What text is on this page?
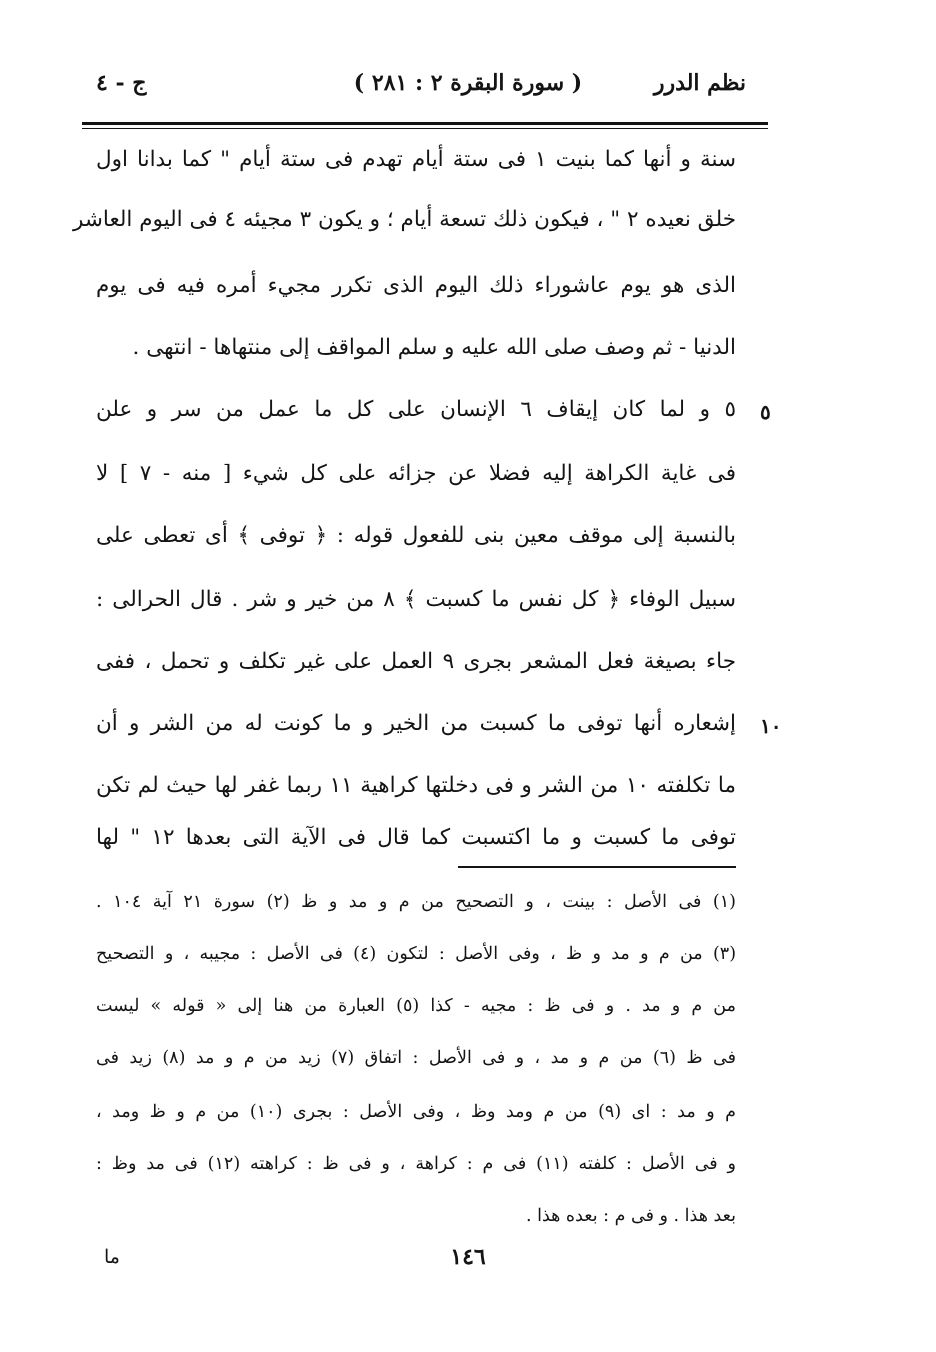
نظم الدرر
( سورة البقرة ٢ : ٢٨١ )
ج - ٤
سنة و أنها كما بنيت ١ فى ستة أيام تهدم فى ستة أيام " كما بدانا اول
خلق نعيده ٢ " ، فيكون ذلك تسعة أيام ؛ و يكون ٣ مجيئه ٤ فى اليوم العاشر
الذى هو يوم عاشوراء ذلك اليوم الذى تكرر مجيء أمره فيه فى يوم
الدنيا - ثم وصف صلى الله عليه و سلم المواقف إلى منتهاها - انتهى .
٥ و لما كان إيقاف ٦ الإنسان على كل ما عمل من سر و علن
فى غاية الكراهة إليه فضلا عن جزائه على كل شيء [ منه - ٧ ] لا
بالنسبة إلى موقف معين بنى للفعول قوله : ﴿ توفى ﴾ أى تعطى على
سبيل الوفاء ﴿ كل نفس ما كسبت ﴾ ٨ من خير و شر . قال الحرالى :
جاء بصيغة فعل المشعر بجرى ٩ العمل على غير تكلف و تحمل ، ففى
إشعاره أنها توفى ما كسبت من الخير و ما كونت له من الشر و أن
ما تكلفته ١٠ من الشر و فى دخلتها كراهية ١١ ربما غفر لها حيث لم تكن
توفى ما كسبت و ما اكتسبت كما قال فى الآية التى بعدها ١٢ " لها
٥
١٠
(١) فى الأصل : بينت ، و التصحيح من م و مد و ظ (٢) سورة ٢١ آية ١٠٤ .
(٣) من م و مد و ظ ، وفى الأصل : لتكون (٤) فى الأصل : مجيبه ، و التصحيح
من م و مد . و فى ظ : مجيه - كذا (٥) العبارة من هنا إلى « قوله » ليست
فى ظ (٦) من م و مد ، و فى الأصل : اتفاق (٧) زيد من م و مد (٨) زيد فى
م و مد : اى (٩) من م ومد وظ ، وفى الأصل : بجرى (١٠) من م و ظ ومد ،
و فى الأصل : كلفته (١١) فى م : كراهة ، و فى ظ : كراهته (١٢) فى مد وظ :
بعد هذا . و فى م : بعده هذا .
١٤٦
ما
